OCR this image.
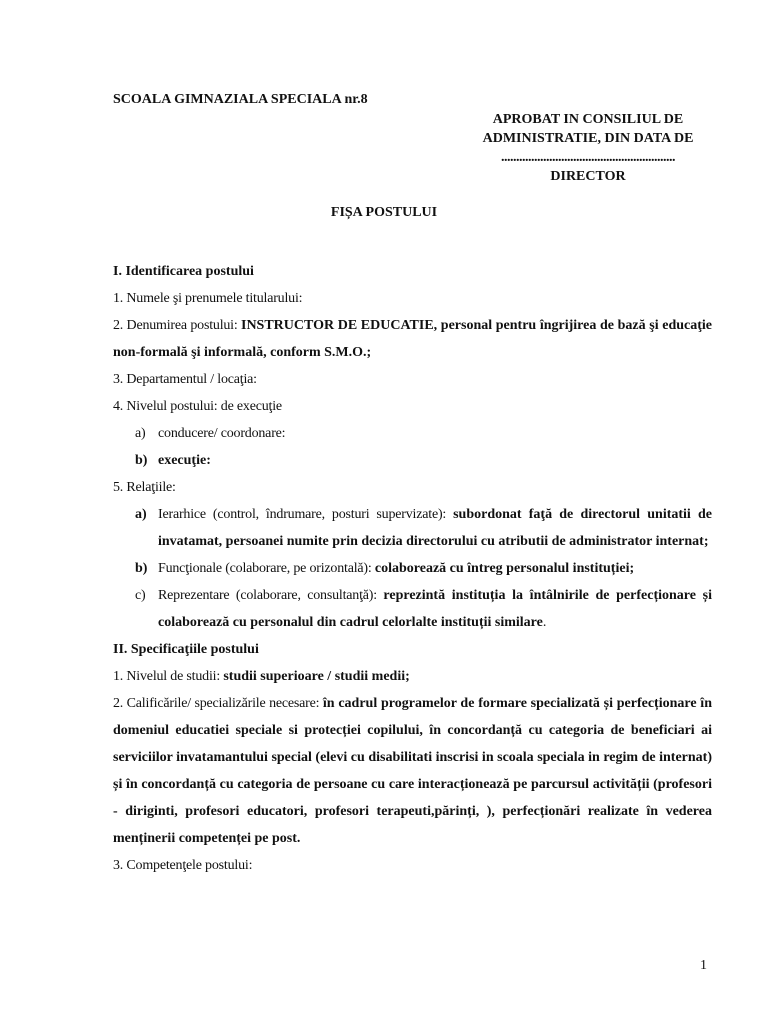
SCOALA GIMNAZIALA SPECIALA nr.8
APROBAT IN CONSILIUL DE
ADMINISTRATIE, DIN DATA DE
..........................................................
DIRECTOR
FIȘA POSTULUI

I. Identificarea postului

1. Numele şi prenumele titularului:

2. Denumirea postului: INSTRUCTOR DE EDUCATIE, personal pentru îngrijirea de bază şi educaţie non-formală şi informală, conform S.M.O.;

3. Departamentul / locaţia:

4. Nivelul postului: de execuţie

a) conducere/ coordonare:
b) execuţie:

5. Relaţiile:

a) Ierarhice (control, îndrumare, posturi supervizate): subordonat faţă de directorul unitatii de invatamat, persoanei numite prin decizia directorului cu atributii de administrator internat;
b) Funcţionale (colaborare, pe orizontală): colaborează cu întreg personalul instituției;
c) Reprezentare (colaborare, consultanţă): reprezintă instituția la întâlnirile de perfecționare și colaborează cu personalul din cadrul celorlalte instituții similare.

II. Specificaţiile postului

1. Nivelul de studii: studii superioare / studii medii;

2. Calificările/ specializările necesare: în cadrul programelor de formare specializată și perfecționare în domeniul educatiei speciale si protecției copilului, în concordanță cu categoria de beneficiari ai serviciilor invatamantului special (elevi cu disabilitati inscrisi in scoala speciala in regim de internat) și în concordanță cu categoria de persoane cu care interacționează pe parcursul activității (profesori - diriginti, profesori educatori, profesori terapeuti,părinți, ), perfecționări realizate în vederea menținerii competenței pe post.

3. Competenţele postului:

1
